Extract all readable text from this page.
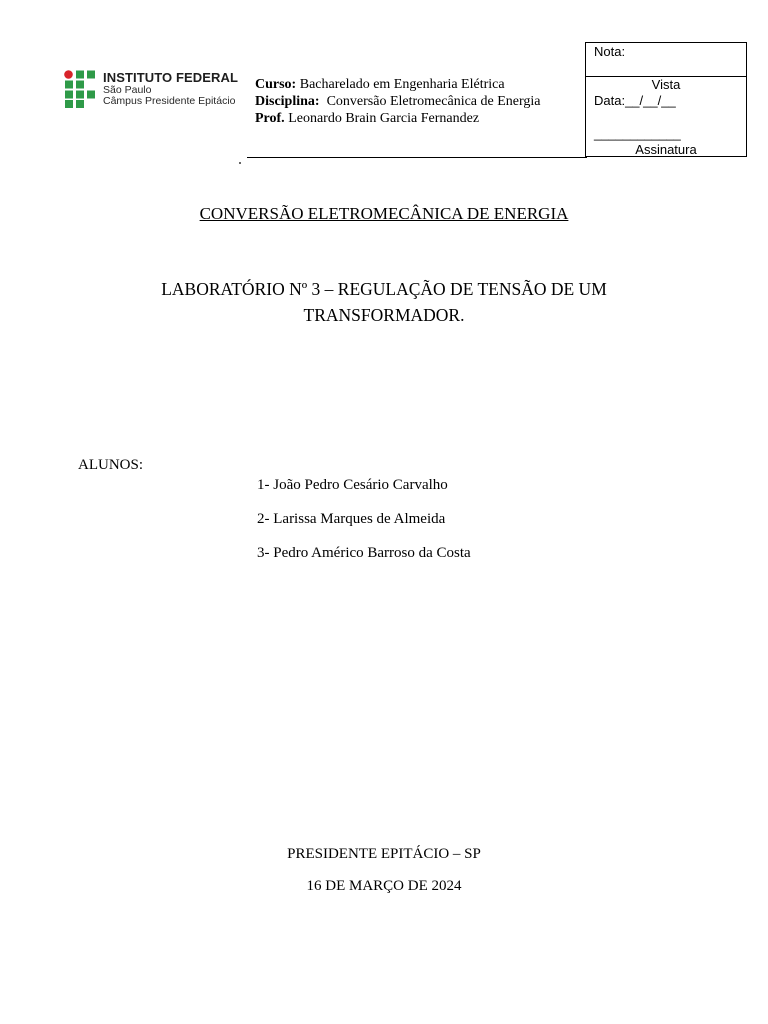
INSTITUTO FEDERAL
São Paulo
Câmpus Presidente Epitácio
Curso: Bacharelado em Engenharia Elétrica
Disciplina: Conversão Eletromecânica de Energia
Prof. Leonardo Brain Garcia Fernandez
Nota:
Vista
Data:__/__/__
____________
Assinatura
CONVERSÃO ELETROMECÂNICA DE ENERGIA
LABORATÓRIO Nº 3 – REGULAÇÃO DE TENSÃO DE UM
TRANSFORMADOR.
ALUNOS:
1- João Pedro Cesário Carvalho
2- Larissa Marques de Almeida
3- Pedro Américo Barroso da Costa
PRESIDENTE EPITÁCIO – SP
16 DE MARÇO DE 2024
